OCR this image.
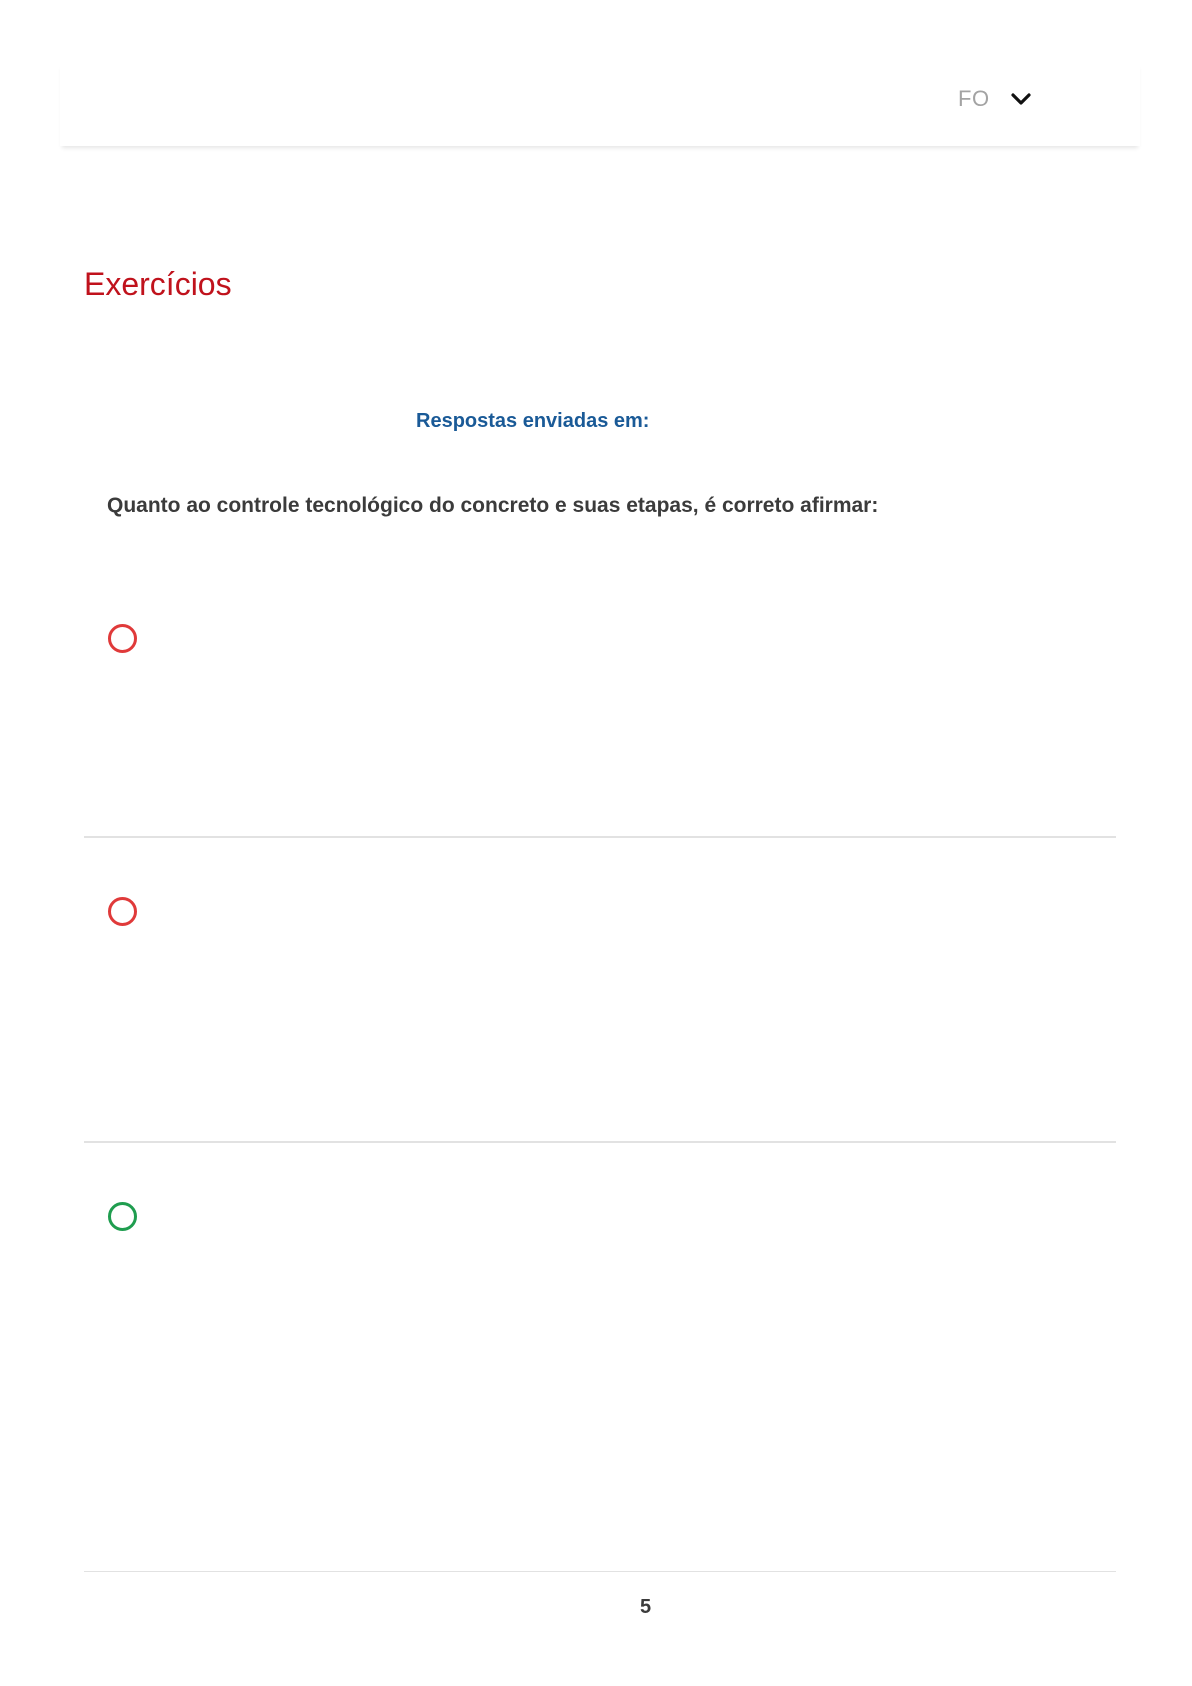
FO
Exercícios
Respostas enviadas em:
Quanto ao controle tecnológico do concreto e suas etapas, é correto afirmar:

5
